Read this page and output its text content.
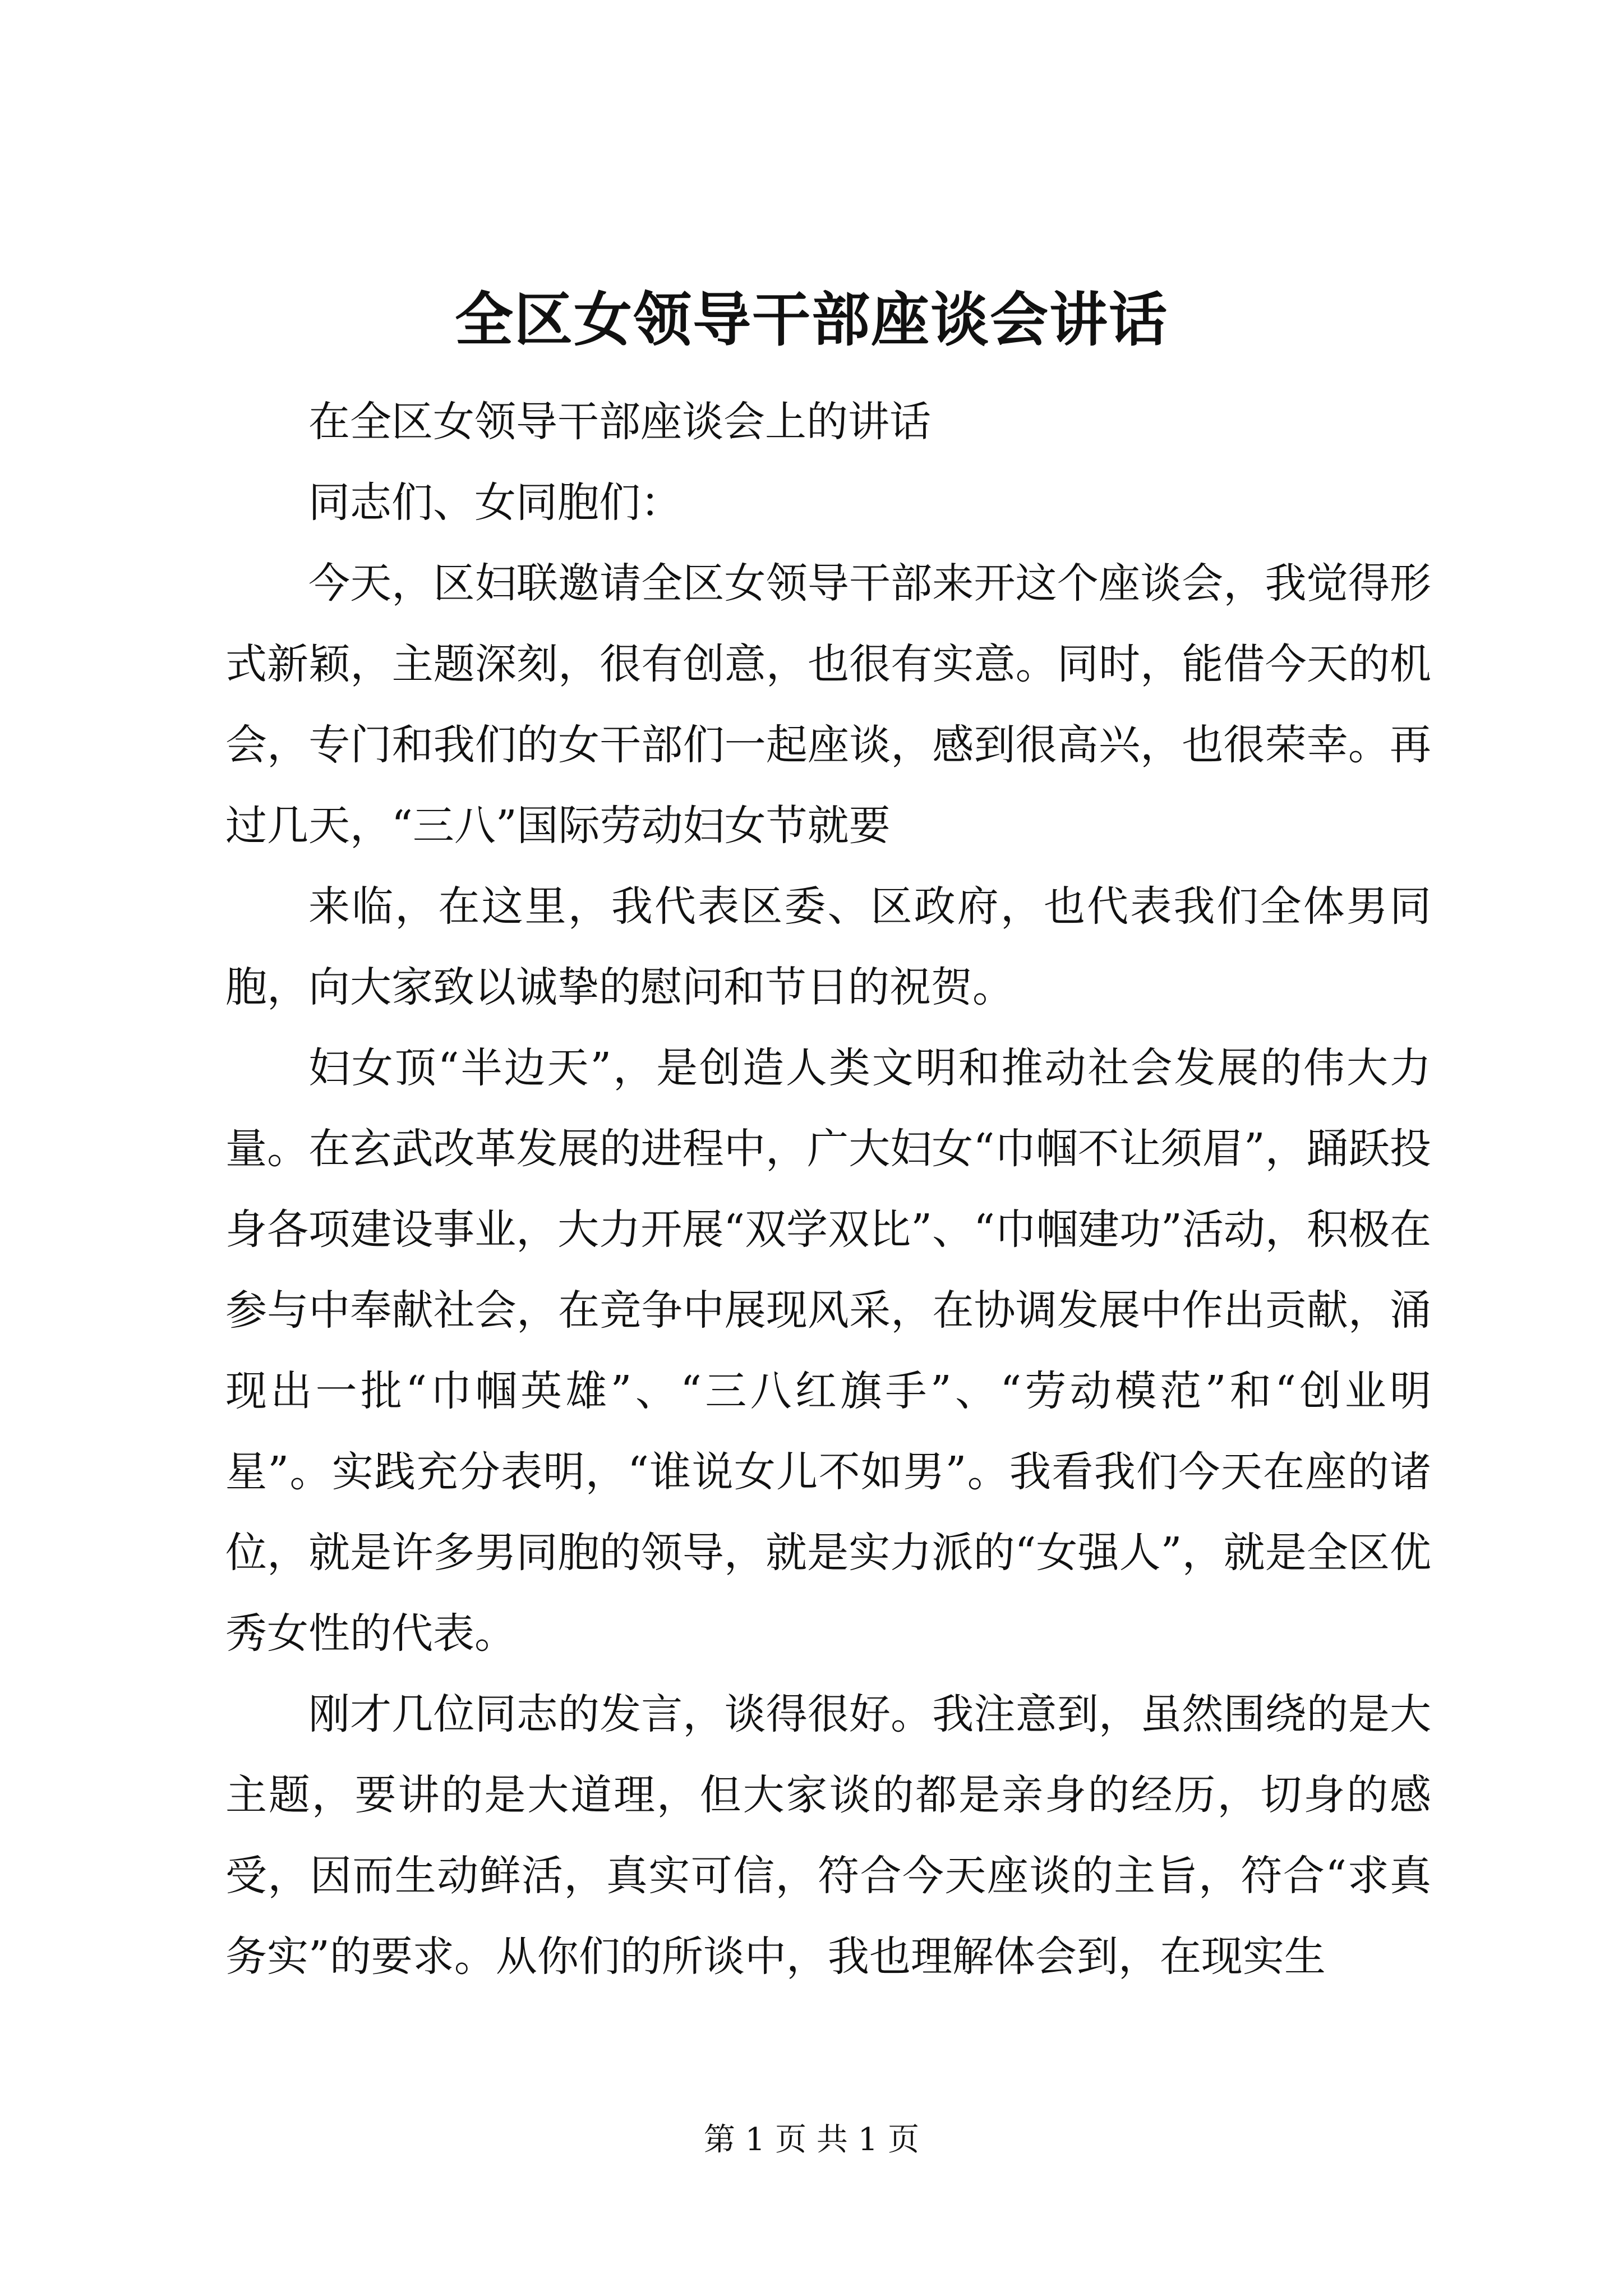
全区女领导干部座谈会讲话

在全区女领导干部座谈会上的讲话

同志们、女同胞们：

今天，区妇联邀请全区女领导干部来开这个座谈会，我觉得形式新颖，主题深刻，很有创意，也很有实意。同时，能借今天的机会，专门和我们的女干部们一起座谈，感到很高兴，也很荣幸。再过几天，“三八”国际劳动妇女节就要

来临，在这里，我代表区委、区政府，也代表我们全体男同胞，向大家致以诚挚的慰问和节日的祝贺。

妇女顶“半边天”，是创造人类文明和推动社会发展的伟大力量。在玄武改革发展的进程中，广大妇女“巾帼不让须眉”，踊跃投身各项建设事业，大力开展“双学双比”、“巾帼建功”活动，积极在参与中奉献社会，在竞争中展现风采，在协调发展中作出贡献，涌现出一批“巾帼英雄”、“三八红旗手”、“劳动模范”和“创业明星”。实践充分表明，“谁说女儿不如男”。我看我们今天在座的诸位，就是许多男同胞的领导，就是实力派的“女强人”，就是全区优秀女性的代表。

刚才几位同志的发言，谈得很好。我注意到，虽然围绕的是大主题，要讲的是大道理，但大家谈的都是亲身的经历，切身的感受，因而生动鲜活，真实可信，符合今天座谈的主旨，符合“求真务实”的要求。从你们的所谈中，我也理解体会到，在现实生

第 1 页 共 1 页
